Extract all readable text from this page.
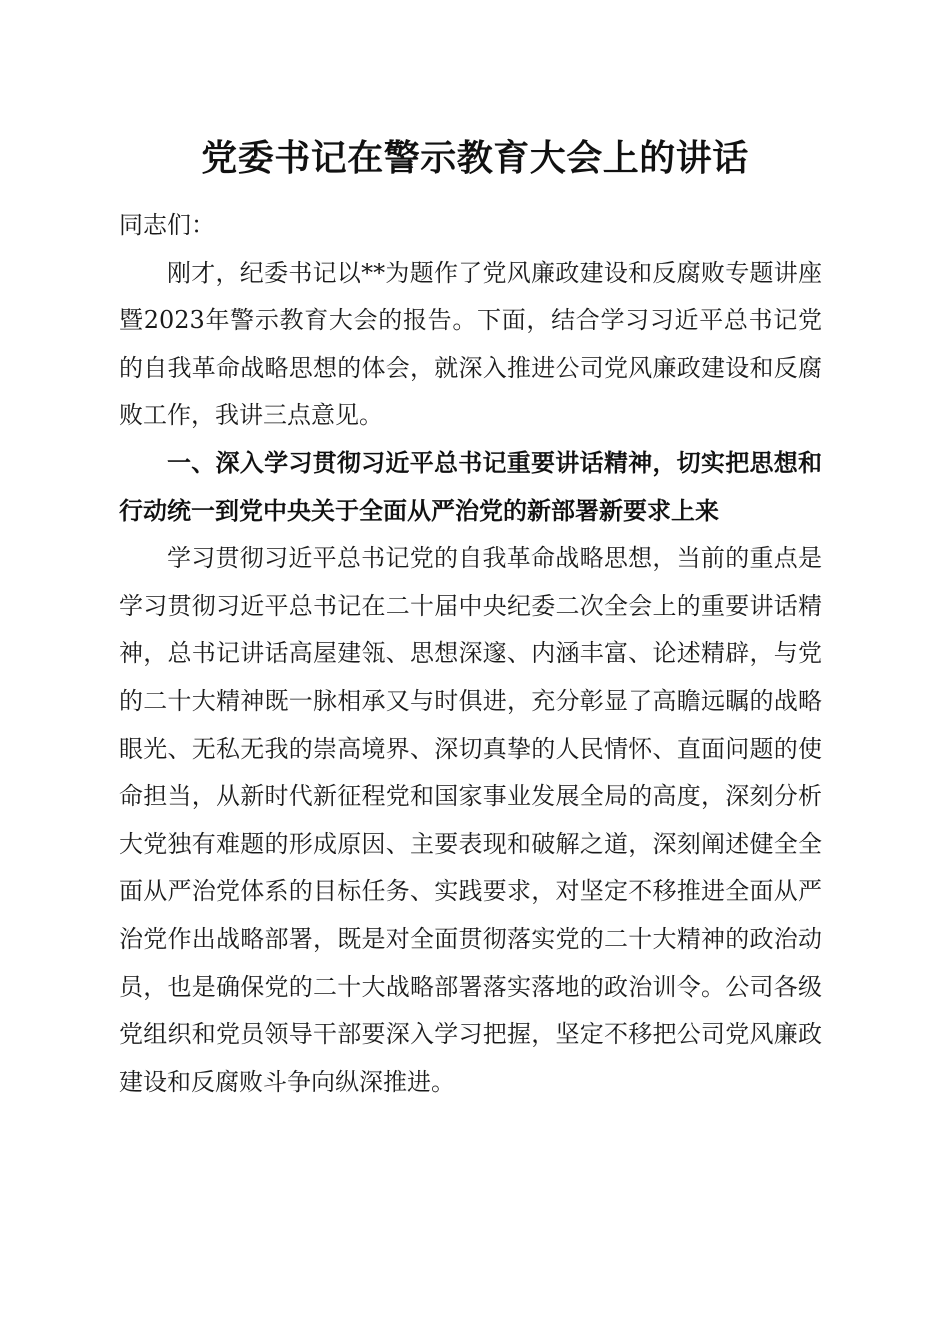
党委书记在警示教育大会上的讲话

同志们：

刚才，纪委书记以**为题作了党风廉政建设和反腐败专题讲座暨2023年警示教育大会的报告。下面，结合学习习近平总书记党的自我革命战略思想的体会，就深入推进公司党风廉政建设和反腐败工作，我讲三点意见。

一、深入学习贯彻习近平总书记重要讲话精神，切实把思想和行动统一到党中央关于全面从严治党的新部署新要求上来

学习贯彻习近平总书记党的自我革命战略思想，当前的重点是学习贯彻习近平总书记在二十届中央纪委二次全会上的重要讲话精神，总书记讲话高屋建瓴、思想深邃、内涵丰富、论述精辟，与党的二十大精神既一脉相承又与时俱进，充分彰显了高瞻远瞩的战略眼光、无私无我的崇高境界、深切真挚的人民情怀、直面问题的使命担当，从新时代新征程党和国家事业发展全局的高度，深刻分析大党独有难题的形成原因、主要表现和破解之道，深刻阐述健全全面从严治党体系的目标任务、实践要求，对坚定不移推进全面从严治党作出战略部署，既是对全面贯彻落实党的二十大精神的政治动员，也是确保党的二十大战略部署落实落地的政治训令。公司各级党组织和党员领导干部要深入学习把握，坚定不移把公司党风廉政建设和反腐败斗争向纵深推进。
